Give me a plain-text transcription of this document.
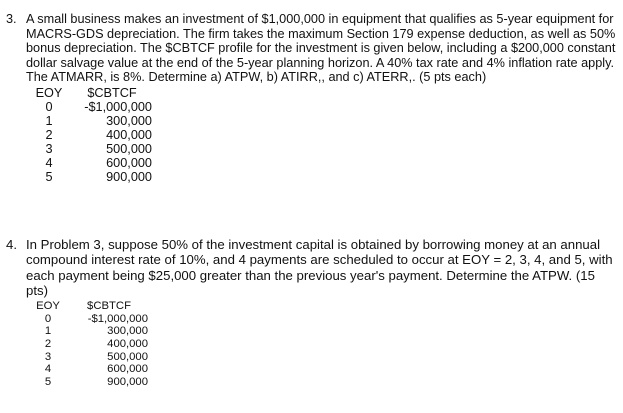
3. A small business makes an investment of $1,000,000 in equipment that qualifies as 5-year equipment for MACRS-GDS depreciation. The firm takes the maximum Section 179 expense deduction, as well as 50% bonus depreciation. The $CBTCF profile for the investment is given below, including a $200,000 constant dollar salvage value at the end of the 5-year planning horizon. A 40% tax rate and 4% inflation rate apply. The ATMARR, is 8%. Determine a) ATPW, b) ATIRR,, and c) ATERR,. (5 pts each)
EOY	$CBTCF
0	-$1,000,000
1	300,000
2	400,000
3	500,000
4	600,000
5	900,000
4. In Problem 3, suppose 50% of the investment capital is obtained by borrowing money at an annual compound interest rate of 10%, and 4 payments are scheduled to occur at EOY = 2, 3, 4, and 5, with each payment being $25,000 greater than the previous year's payment. Determine the ATPW. (15 pts)
EOY	$CBTCF
0	-$1,000,000
1	300,000
2	400,000
3	500,000
4	600,000
5	900,000
